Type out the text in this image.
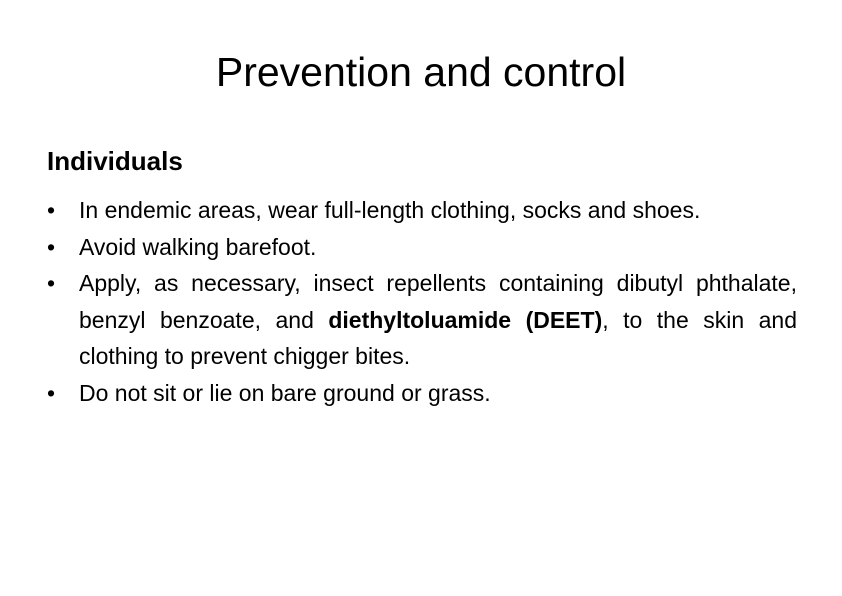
Prevention and control
Individuals
• In endemic areas, wear full-length clothing, socks and shoes.
• Avoid walking barefoot.
• Apply, as necessary, insect repellents containing dibutyl phthalate, benzyl benzoate, and diethyltoluamide (DEET), to the skin and clothing to prevent chigger bites.
• Do not sit or lie on bare ground or grass.
